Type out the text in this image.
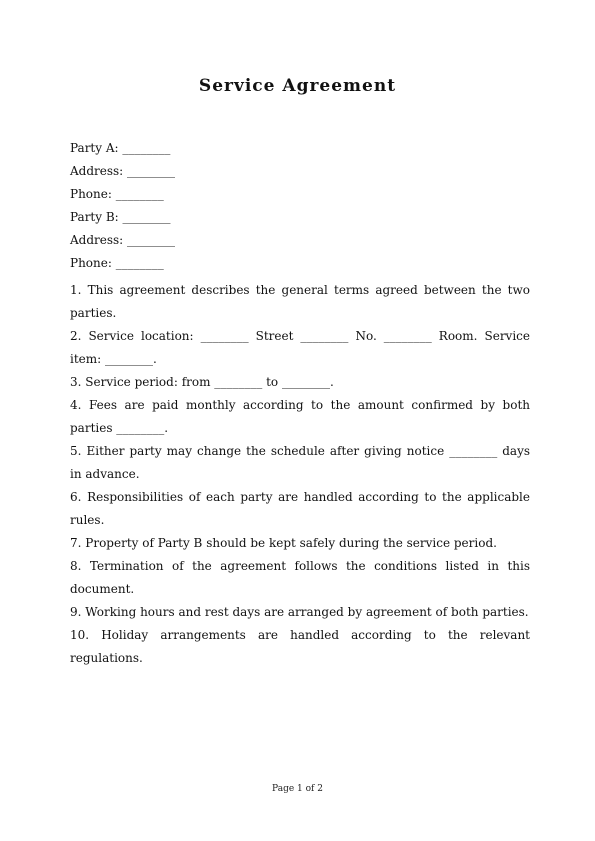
Service Agreement
Party A: ________
Address: ________
Phone: ________
Party B: ________
Address: ________
Phone: ________

1. This agreement describes the general terms agreed between the two parties.

2. Service location: ________ Street ________ No. ________ Room. Service item: ________.

3. Service period: from ________ to ________.

4. Fees are paid monthly according to the amount confirmed by both parties ________.

5. Either party may change the schedule after giving notice ________ days in advance.

6. Responsibilities of each party are handled according to the applicable rules.

7. Property of Party B should be kept safely during the service period.

8. Termination of the agreement follows the conditions listed in this document.

9. Working hours and rest days are arranged by agreement of both parties.

10. Holiday arrangements are handled according to the relevant regulations.

Page 1 of 2
